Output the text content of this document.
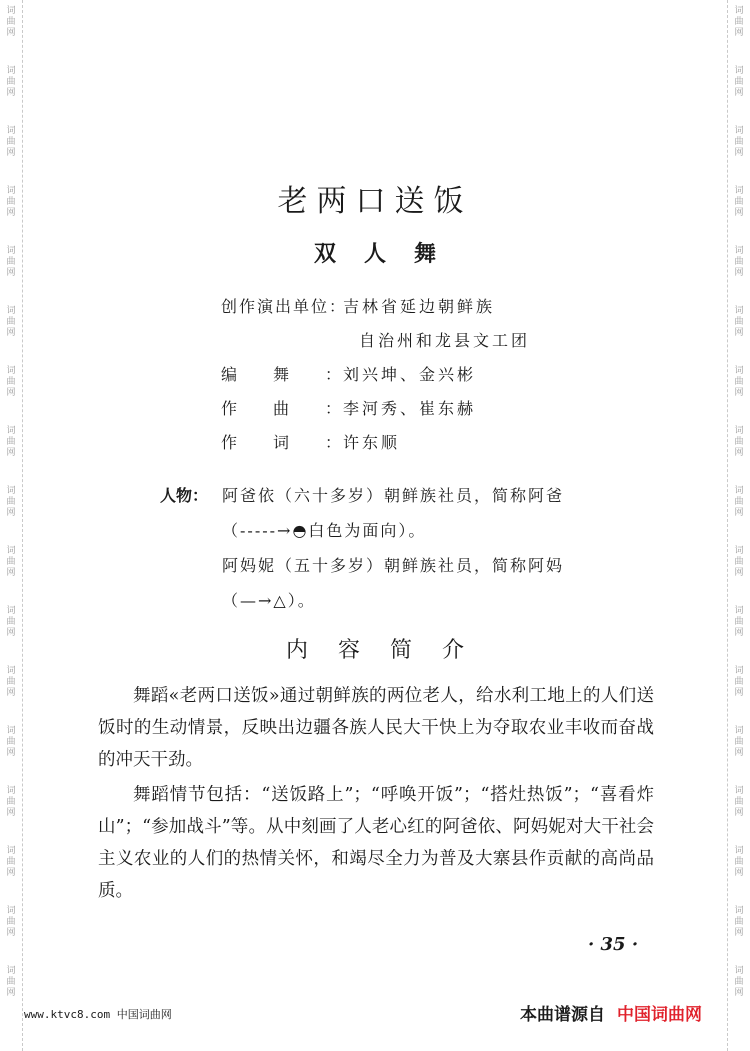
词
曲
网
词
曲
网
词
曲
网
词
曲
网
词
曲
网
词
曲
网
词
曲
网
词
曲
网
词
曲
网
词
曲
网
词
曲
网
词
曲
网
词
曲
网
词
曲
网
词
曲
网
词
曲
网
词
曲
网
词
曲
网
词
曲
网
词
曲
网
词
曲
网
词
曲
网
词
曲
网
词
曲
网
词
曲
网
词
曲
网
词
曲
网
词
曲
网
词
曲
网
词
曲
网
词
曲
网
词
曲
网
词
曲
网
词
曲
网
老两口送饭
双人舞
创作演出单位：吉林省延边朝鲜族
自治州和龙县文工团
编舞：刘兴坤、金兴彬
作曲：李河秀、崔东赫
作词：许东顺
人物： 阿爸依（六十多岁）朝鲜族社员，简称阿爸
（-----→◓白色为面向）。
阿妈妮（五十多岁）朝鲜族社员，简称阿妈
（—→△）。
内容简介

舞蹈«老两口送饭»通过朝鲜族的两位老人，给水利工地上的人们送饭时的生动情景，反映出边疆各族人民大干快上为夺取农业丰收而奋战的冲天干劲。

舞蹈情节包括：“送饭路上”；“呼唤开饭”；“搭灶热饭”；“喜看炸山”；“参加战斗”等。从中刻画了人老心红的阿爸依、阿妈妮对大干社会主义农业的人们的热情关怀，和竭尽全力为普及大寨县作贡献的高尚品质。

· 35 ·
www.ktvc8.com 中国词曲网	本曲谱源自 中国词曲网
